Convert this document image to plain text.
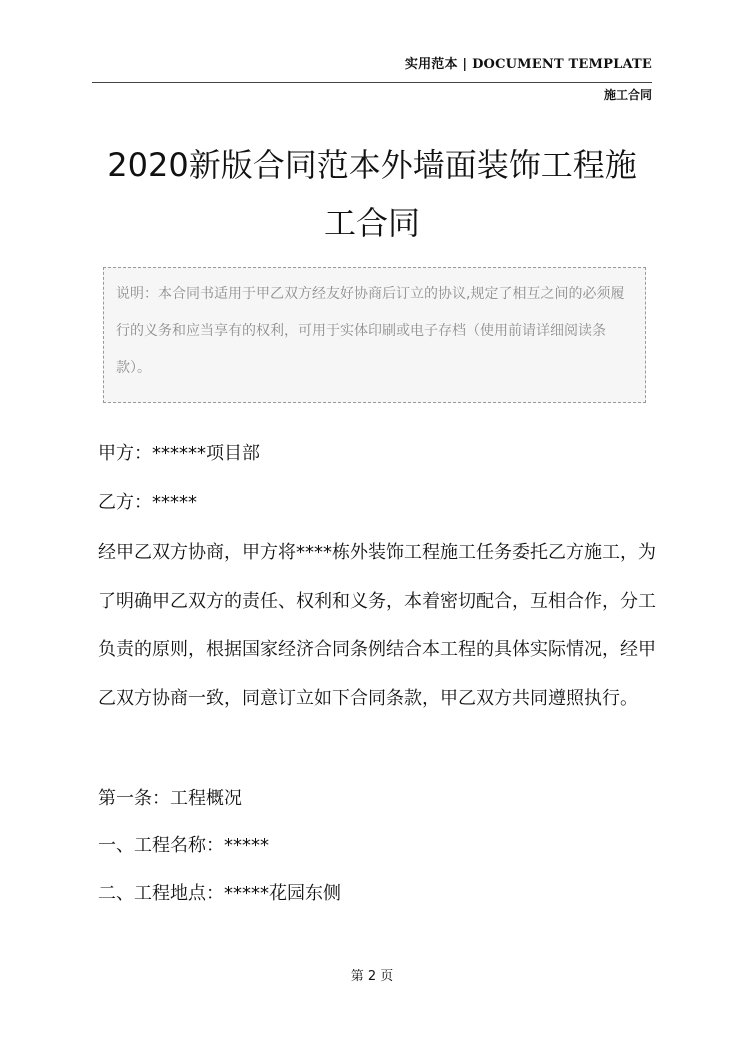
实用范本 | DOCUMENT TEMPLATE
施工合同
2020新版合同范本外墙面装饰工程施工合同
说明：本合同书适用于甲乙双方经友好协商后订立的协议,规定了相互之间的必须履行的义务和应当享有的权利，可用于实体印刷或电子存档（使用前请详细阅读条款）。
甲方：******项目部
乙方：*****
经甲乙双方协商，甲方将****栋外装饰工程施工任务委托乙方施工，为了明确甲乙双方的责任、权利和义务，本着密切配合，互相合作，分工负责的原则，根据国家经济合同条例结合本工程的具体实际情况，经甲乙双方协商一致，同意订立如下合同条款，甲乙双方共同遵照执行。
第一条：工程概况
一、工程名称：*****
二、工程地点：*****花园东侧
第 2 页
